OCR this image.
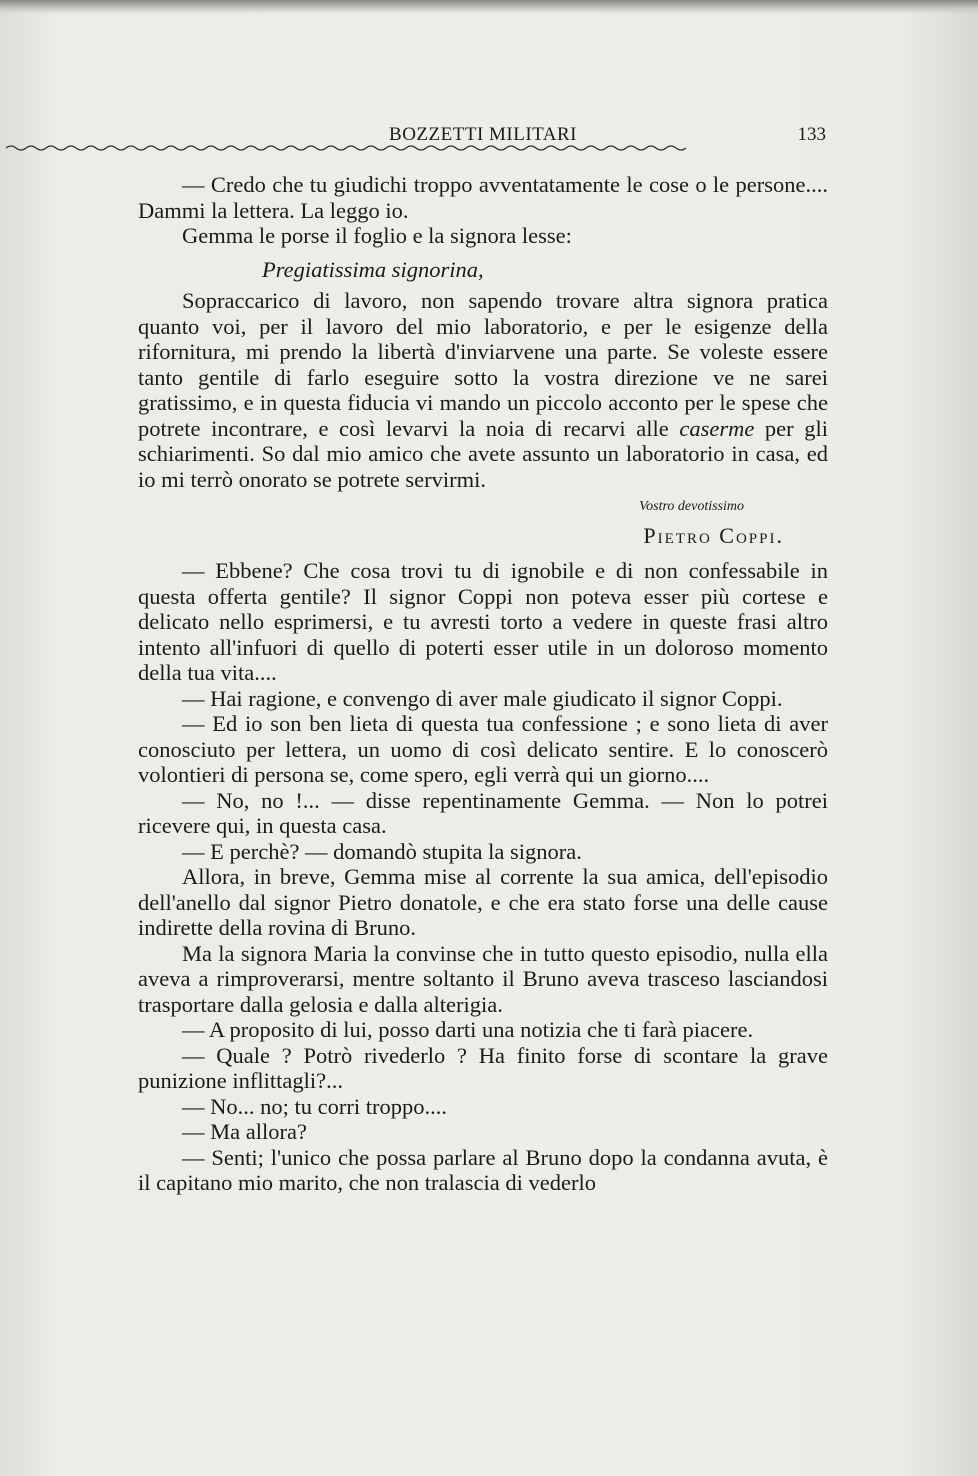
BOZZETTI MILITARI	133

— Credo che tu giudichi troppo avventatamente le cose o le persone.... Dammi la lettera. La leggo io.

Gemma le porse il foglio e la signora lesse:

Pregiatissima signorina,

Sopraccarico di lavoro, non sapendo trovare altra signora pratica quanto voi, per il lavoro del mio laboratorio, e per le esigenze della rifornitura, mi prendo la libertà d'inviarvene una parte. Se voleste essere tanto gentile di farlo eseguire sotto la vostra direzione ve ne sarei gratissimo, e in questa fiducia vi mando un piccolo acconto per le spese che potrete incontrare, e così levarvi la noia di recarvi alle caserme per gli schiarimenti. So dal mio amico che avete assunto un laboratorio in casa, ed io mi terrò onorato se potrete servirmi.

Vostro devotissimo
Pietro Coppi.

— Ebbene? Che cosa trovi tu di ignobile e di non confessabile in questa offerta gentile? Il signor Coppi non poteva esser più cortese e delicato nello esprimersi, e tu avresti torto a vedere in queste frasi altro intento all'infuori di quello di poterti esser utile in un doloroso momento della tua vita....

— Hai ragione, e convengo di aver male giudicato il signor Coppi.

— Ed io son ben lieta di questa tua confessione ; e sono lieta di aver conosciuto per lettera, un uomo di così delicato sentire. E lo conoscerò volontieri di persona se, come spero, egli verrà qui un giorno....

— No, no !... — disse repentinamente Gemma. — Non lo potrei ricevere qui, in questa casa.

— E perchè? — domandò stupita la signora.

Allora, in breve, Gemma mise al corrente la sua amica, dell'episodio dell'anello dal signor Pietro donatole, e che era stato forse una delle cause indirette della rovina di Bruno.

Ma la signora Maria la convinse che in tutto questo episodio, nulla ella aveva a rimproverarsi, mentre soltanto il Bruno aveva trasceso lasciandosi trasportare dalla gelosia e dalla alterigia.

— A proposito di lui, posso darti una notizia che ti farà piacere.

— Quale ? Potrò rivederlo ? Ha finito forse di scontare la grave punizione inflittagli?...

— No... no; tu corri troppo....

— Ma allora?

— Senti; l'unico che possa parlare al Bruno dopo la condanna avuta, è il capitano mio marito, che non tralascia di vederlo
